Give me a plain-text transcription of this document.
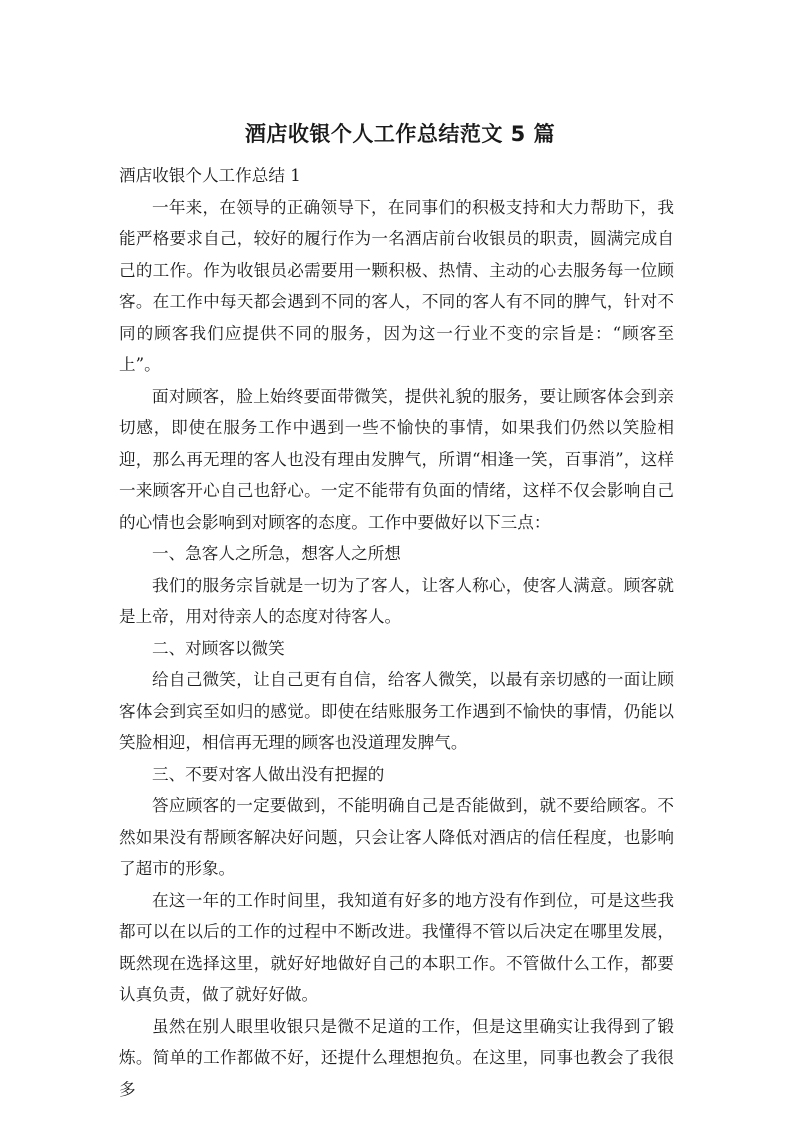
酒店收银个人工作总结范文 5 篇

酒店收银个人工作总结 1

一年来，在领导的正确领导下，在同事们的积极支持和大力帮助下，我能严格要求自己，较好的履行作为一名酒店前台收银员的职责，圆满完成自己的工作。作为收银员必需要用一颗积极、热情、主动的心去服务每一位顾客。在工作中每天都会遇到不同的客人，不同的客人有不同的脾气，针对不同的顾客我们应提供不同的服务，因为这一行业不变的宗旨是：“顾客至上”。

面对顾客，脸上始终要面带微笑，提供礼貌的服务，要让顾客体会到亲切感，即使在服务工作中遇到一些不愉快的事情，如果我们仍然以笑脸相迎，那么再无理的客人也没有理由发脾气，所谓“相逢一笑，百事消”，这样一来顾客开心自己也舒心。一定不能带有负面的情绪，这样不仅会影响自己的心情也会影响到对顾客的态度。工作中要做好以下三点：

一、急客人之所急，想客人之所想

我们的服务宗旨就是一切为了客人，让客人称心，使客人满意。顾客就是上帝，用对待亲人的态度对待客人。

二、对顾客以微笑

给自己微笑，让自己更有自信，给客人微笑，以最有亲切感的一面让顾客体会到宾至如归的感觉。即使在结账服务工作遇到不愉快的事情，仍能以笑脸相迎，相信再无理的顾客也没道理发脾气。

三、不要对客人做出没有把握的

答应顾客的一定要做到，不能明确自己是否能做到，就不要给顾客。不然如果没有帮顾客解决好问题，只会让客人降低对酒店的信任程度，也影响了超市的形象。

在这一年的工作时间里，我知道有好多的地方没有作到位，可是这些我都可以在以后的工作的过程中不断改进。我懂得不管以后决定在哪里发展，既然现在选择这里，就好好地做好自己的本职工作。不管做什么工作，都要认真负责，做了就好好做。

虽然在别人眼里收银只是微不足道的工作，但是这里确实让我得到了锻炼。简单的工作都做不好，还提什么理想抱负。在这里，同事也教会了我很多
